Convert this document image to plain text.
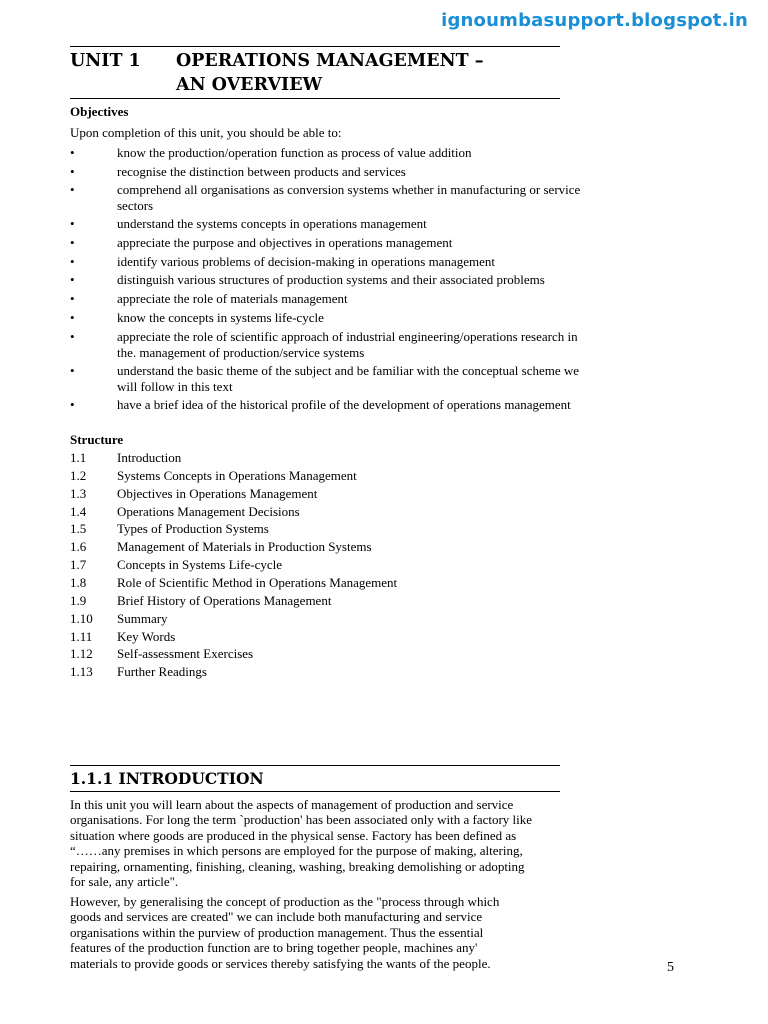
ignoumbasupport.blogspot.in
UNIT 1 OPERATIONS MANAGEMENT –
AN OVERVIEW
Objectives
Upon completion of this unit, you should be able to:
•	know the production/operation function as process of value addition
•	recognise the distinction between products and services
•	comprehend all organisations as conversion systems whether in manufacturing or service sectors
•	understand the systems concepts in operations management
•	appreciate the purpose and objectives in operations management
•	identify various problems of decision-making in operations management
•	distinguish various structures of production systems and their associated problems
•	appreciate the role of materials management
•	know the concepts in systems life-cycle
•	appreciate the role of scientific approach of industrial engineering/operations research in the. management of production/service systems
•	understand the basic theme of the subject and be familiar with the conceptual scheme we will follow in this text
•	have a brief idea of the historical profile of the development of operations management
Structure
1.1 Introduction
1.2 Systems Concepts in Operations Management
1.3 Objectives in Operations Management
1.4 Operations Management Decisions
1.5 Types of Production Systems
1.6 Management of Materials in Production Systems
1.7 Concepts in Systems Life-cycle
1.8 Role of Scientific Method in Operations Management
1.9 Brief History of Operations Management
1.10 Summary
1.11 Key Words
1.12 Self-assessment Exercises
1.13 Further Readings
1.1.1 INTRODUCTION
In this unit you will learn about the aspects of management of production and service
organisations. For long the term `production' has been associated only with a factory like
situation where goods are produced in the physical sense. Factory has been defined as
“……any premises in which persons are employed for the purpose of making, altering,
repairing, ornamenting, finishing, cleaning, washing, breaking demolishing or adopting
for sale, any article".
However, by generalising the concept of production as the "process through which
goods and services are created" we can include both manufacturing and service
organisations within the purview of production management. Thus the essential
features of the production function are to bring together people, machines any'
materials to provide goods or services thereby satisfying the wants of the people.	5
